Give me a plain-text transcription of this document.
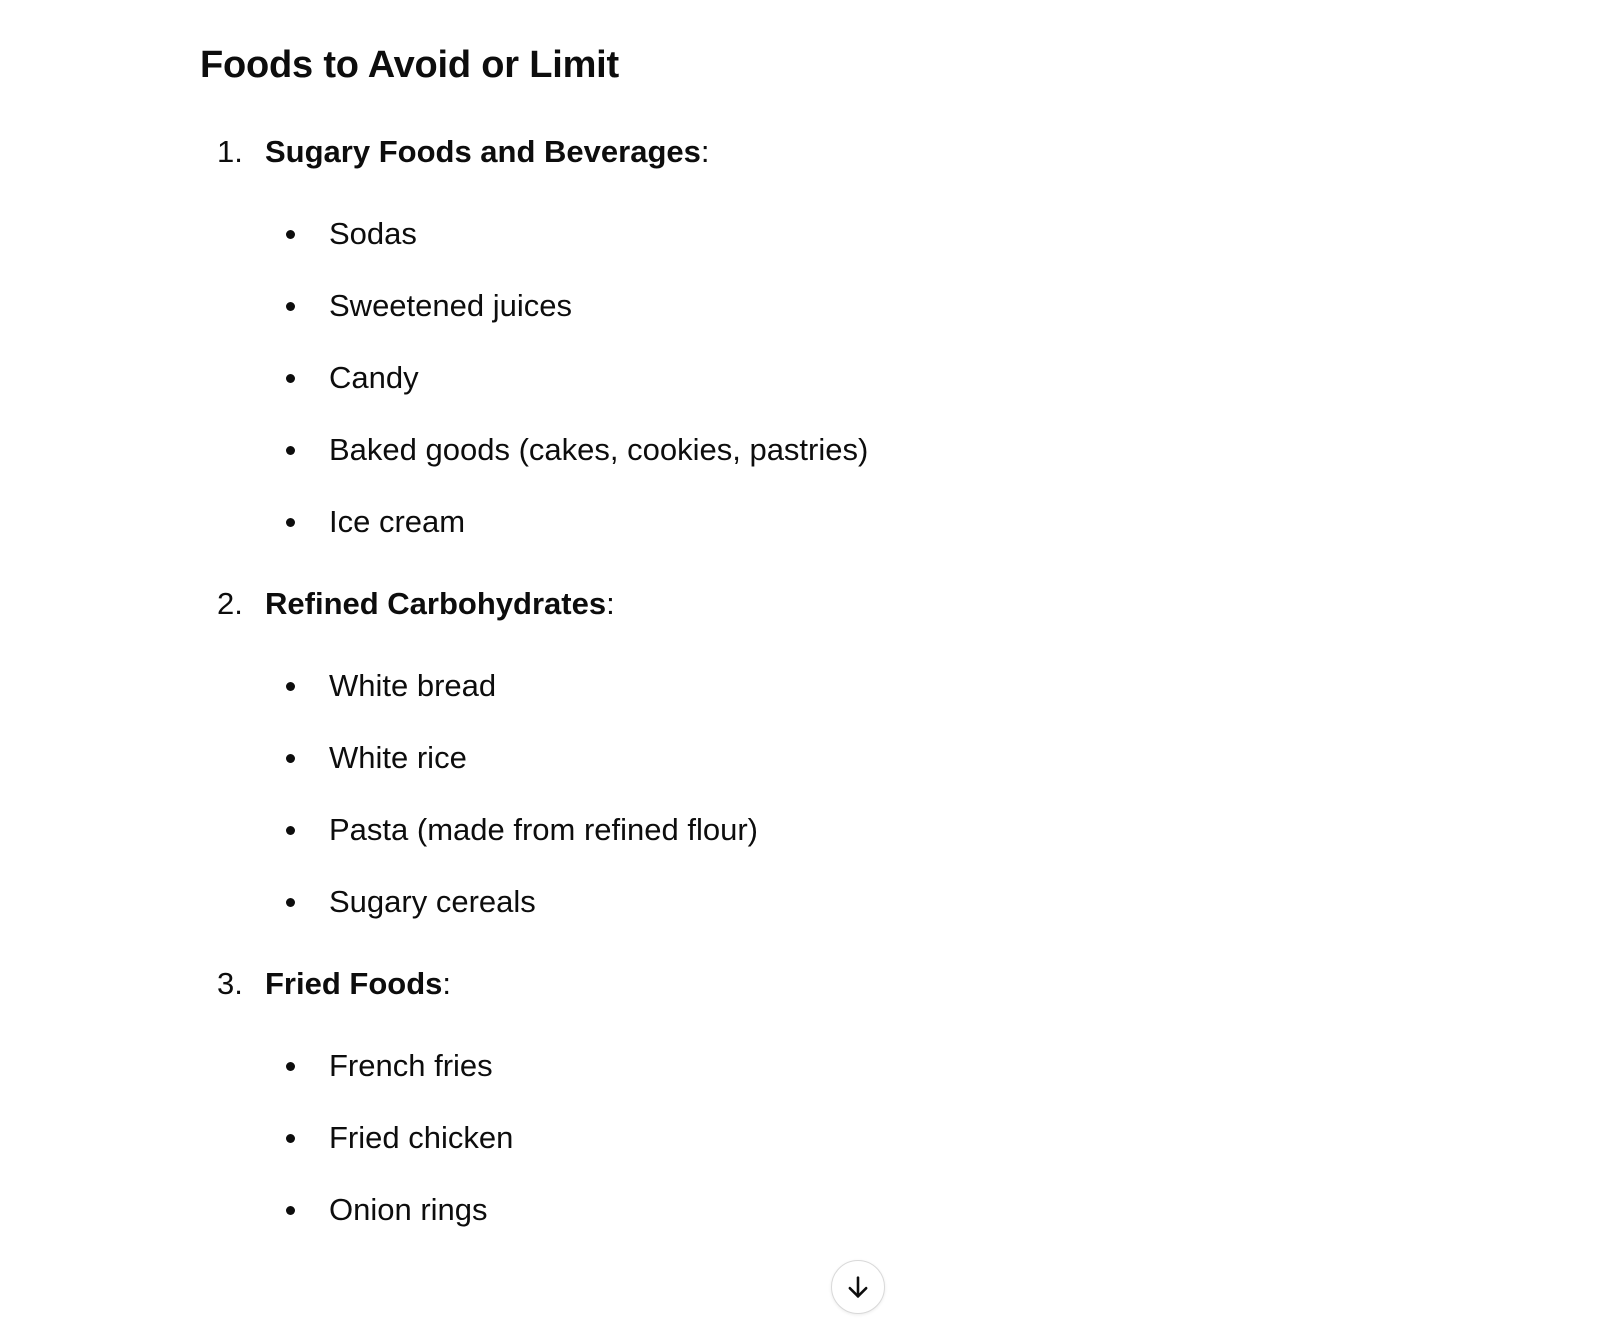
Foods to Avoid or Limit
1. Sugary Foods and Beverages:
Sodas
Sweetened juices
Candy
Baked goods (cakes, cookies, pastries)
Ice cream
2. Refined Carbohydrates:
White bread
White rice
Pasta (made from refined flour)
Sugary cereals
3. Fried Foods:
French fries
Fried chicken
Onion rings
